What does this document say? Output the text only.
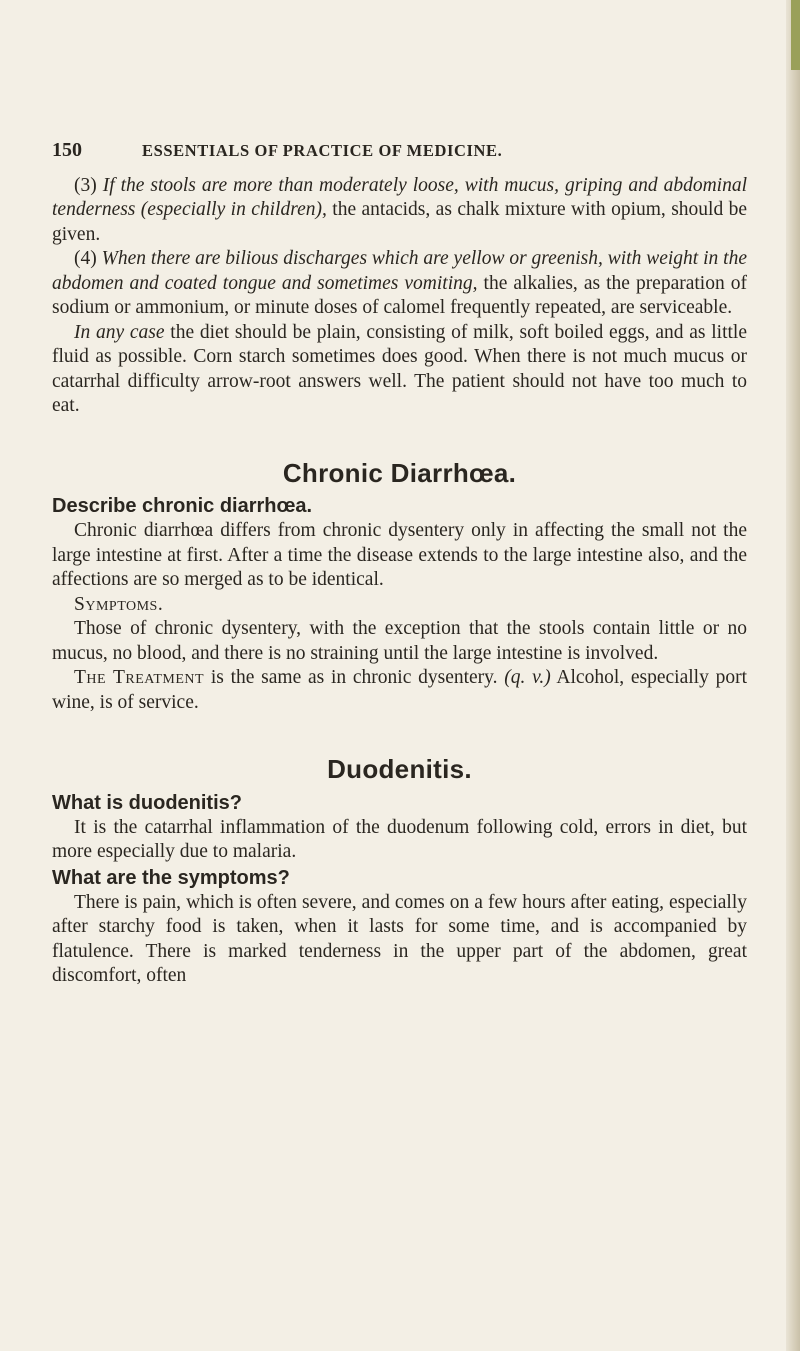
150	ESSENTIALS OF PRACTICE OF MEDICINE.

(3) If the stools are more than moderately loose, with mucus, griping and abdominal tenderness (especially in children), the antacids, as chalk mixture with opium, should be given.

(4) When there are bilious discharges which are yellow or greenish, with weight in the abdomen and coated tongue and sometimes vomiting, the alkalies, as the preparation of sodium or ammonium, or minute doses of calomel frequently repeated, are serviceable.

In any case the diet should be plain, consisting of milk, soft boiled eggs, and as little fluid as possible. Corn starch sometimes does good. When there is not much mucus or catarrhal difficulty arrow-root answers well. The patient should not have too much to eat.

Chronic Diarrhœa.
Describe chronic diarrhœa.

Chronic diarrhœa differs from chronic dysentery only in affecting the small not the large intestine at first. After a time the disease extends to the large intestine also, and the affections are so merged as to be identical.

Symptoms.

Those of chronic dysentery, with the exception that the stools contain little or no mucus, no blood, and there is no straining until the large intestine is involved.

The Treatment is the same as in chronic dysentery. (q. v.) Alcohol, especially port wine, is of service.

Duodenitis.
What is duodenitis?

It is the catarrhal inflammation of the duodenum following cold, errors in diet, but more especially due to malaria.

What are the symptoms?

There is pain, which is often severe, and comes on a few hours after eating, especially after starchy food is taken, when it lasts for some time, and is accompanied by flatulence. There is marked tenderness in the upper part of the abdomen, great discomfort, often
